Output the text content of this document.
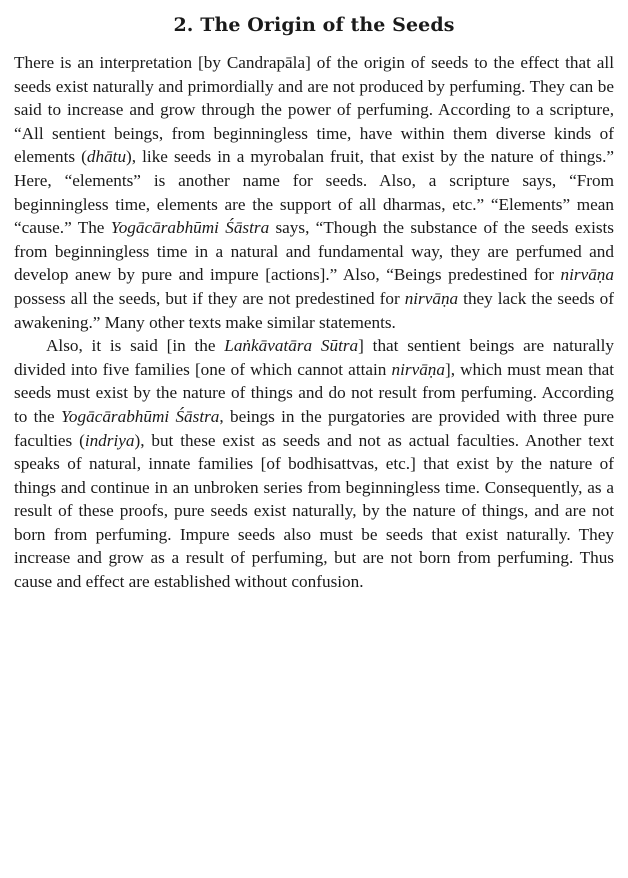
2. The Origin of the Seeds

There is an interpretation [by Candrapāla] of the origin of seeds to the effect that all seeds exist naturally and primordially and are not produced by perfuming. They can be said to increase and grow through the power of perfuming. According to a scripture, “All sentient beings, from beginningless time, have within them diverse kinds of elements (dhātu), like seeds in a myrobalan fruit, that exist by the nature of things.” Here, “elements” is another name for seeds. Also, a scripture says, “From beginningless time, elements are the support of all dharmas, etc.” “Elements” mean “cause.” The Yogācārabhūmi Śāstra says, “Though the substance of the seeds exists from beginningless time in a natural and fundamental way, they are perfumed and develop anew by pure and impure [actions].” Also, “Beings predestined for nirvāṇa possess all the seeds, but if they are not predestined for nirvāṇa they lack the seeds of awakening.” Many other texts make similar statements.

Also, it is said [in the Laṅkāvatāra Sūtra] that sentient beings are naturally divided into five families [one of which cannot attain nirvāṇa], which must mean that seeds must exist by the nature of things and do not result from perfuming. According to the Yogācārabhūmi Śāstra, beings in the purgatories are provided with three pure faculties (indriya), but these exist as seeds and not as actual faculties. Another text speaks of natural, innate families [of bodhisattvas, etc.] that exist by the nature of things and continue in an unbroken series from beginningless time. Consequently, as a result of these proofs, pure seeds exist naturally, by the nature of things, and are not born from perfuming. Impure seeds also must be seeds that exist naturally. They increase and grow as a result of perfuming, but are not born from perfuming. Thus cause and effect are established without confusion.
